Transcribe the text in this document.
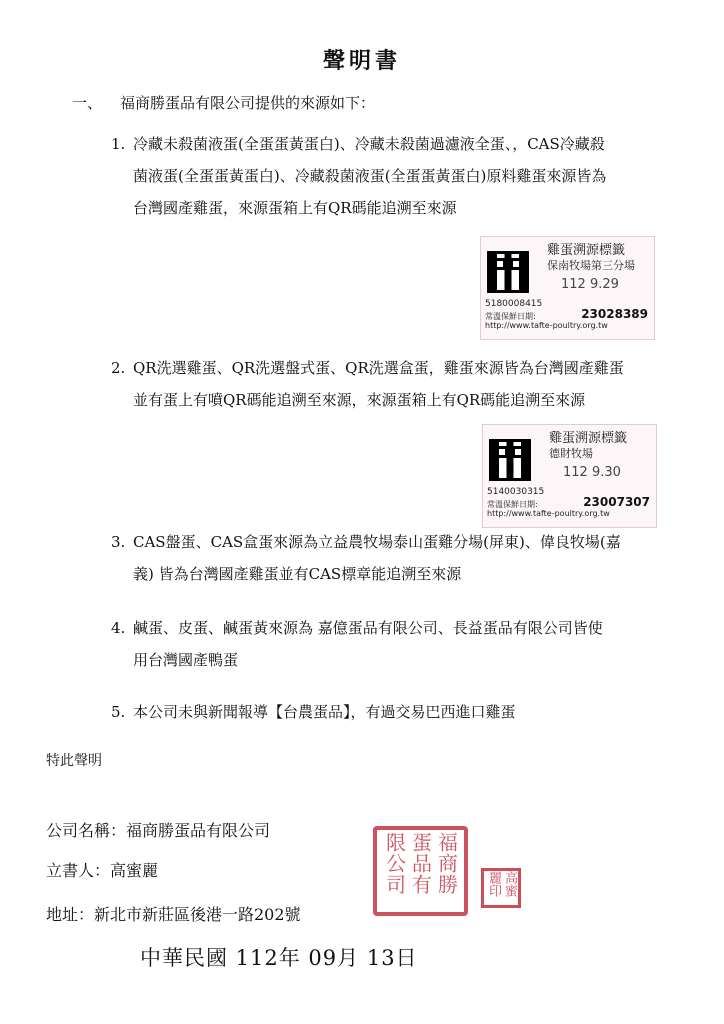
聲明書
一、 福商勝蛋品有限公司提供的來源如下：
1. 冷藏未殺菌液蛋(全蛋蛋黃蛋白)、冷藏未殺菌過濾液全蛋、，CAS冷藏殺

菌液蛋(全蛋蛋黃蛋白)、冷藏殺菌液蛋(全蛋蛋黃蛋白)原料雞蛋來源皆為

台灣國產雞蛋，來源蛋箱上有QR碼能追溯至來源

雞蛋溯源標籤
保南牧場第三分場
112 9.29
5180008415
常溫保鮮日期:
http://www.tafte-poultry.org.tw
23028389
2. QR洗選雞蛋、QR洗選盤式蛋、QR洗選盒蛋，雞蛋來源皆為台灣國產雞蛋

並有蛋上有噴QR碼能追溯至來源，來源蛋箱上有QR碼能追溯至來源

雞蛋溯源標籤
德財牧場
112 9.30
5140030315
常溫保鮮日期:
http://www.tafte-poultry.org.tw
23007307
3. CAS盤蛋、CAS盒蛋來源為立益農牧場泰山蛋雞分場(屏東)、偉良牧場(嘉

義) 皆為台灣國產雞蛋並有CAS標章能追溯至來源

4. 鹹蛋、皮蛋、鹹蛋黃來源為 嘉億蛋品有限公司、長益蛋品有限公司皆使

用台灣國產鴨蛋

5. 本公司未與新聞報導【台農蛋品】，有過交易巴西進口雞蛋

特此聲明
公司名稱：福商勝蛋品有限公司
立書人：高蜜麗
地址：新北市新莊區後港一路202號
福商勝蛋品有限公司	高蜜麗印
中華民國 112年 09月 13日
